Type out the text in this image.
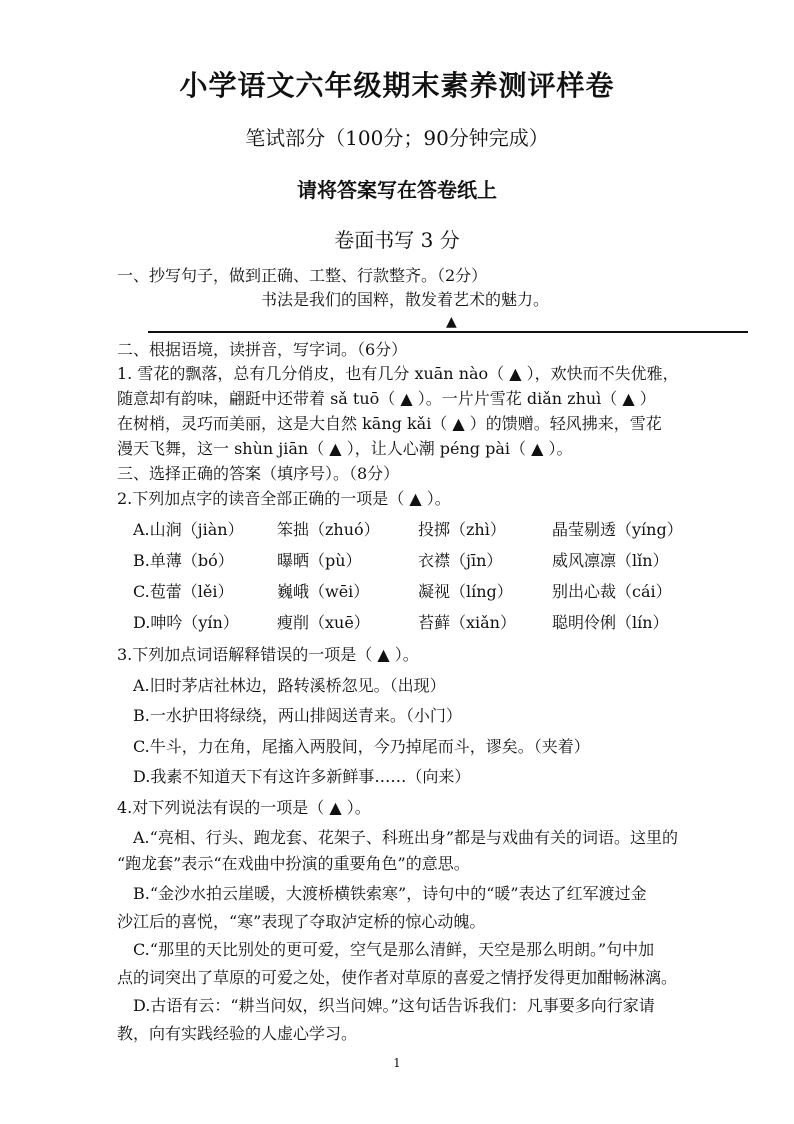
小学语文六年级期末素养测评样卷
笔试部分（100分；90分钟完成）
请将答案写在答卷纸上
卷面书写 3 分
一、抄写句子，做到正确、工整、行款整齐。（2分）
书法是我们的国粹，散发着艺术的魅力。
▲
二、根据语境，读拼音，写字词。（6分）
1. 雪花的飘落，总有几分俏皮，也有几分 xuān nào（ ▲ ），欢快而不失优雅，
随意却有韵味，翩跹中还带着 sǎ tuō（ ▲ ）。一片片雪花 diǎn zhuì（ ▲ ）
在树梢，灵巧而美丽，这是大自然 kāng kǎi（ ▲ ）的馈赠。轻风拂来，雪花
漫天飞舞，这一 shùn jiān（ ▲ ），让人心潮 péng pài（ ▲ ）。
三、选择正确的答案（填序号）。（8分）
2.下列加点字的读音全部正确的一项是（ ▲ ）。
A.山涧（jiàn） 笨拙（zhuó） 投掷（zhì）	晶莹剔透（yíng）
B.单薄（bó）	曝晒（pù）	衣襟（jīn）	威风凛凛（lǐn）
C.苞蕾（lěi）	巍峨（wēi）	凝视（líng） 别出心裁（cái）
D.呻吟（yín） 瘦削（xuē）	苔藓（xiǎn） 聪明伶俐（lín）
3.下列加点词语解释错误的一项是（ ▲ ）。
A.旧时茅店社林边，路转溪桥忽见。（出现）
B.一水护田将绿绕，两山排闼送青来。（小门）
C.牛斗，力在角，尾搐入两股间，今乃掉尾而斗，谬矣。（夹着）
D.我素不知道天下有这许多新鲜事……（向来）
4.对下列说法有误的一项是（ ▲ ）。
A.“亮相、行头、跑龙套、花架子、科班出身”都是与戏曲有关的词语。这里的
“跑龙套”表示“在戏曲中扮演的重要角色”的意思。
B.“金沙水拍云崖暖，大渡桥横铁索寒”，诗句中的“暖”表达了红军渡过金
沙江后的喜悦，“寒”表现了夺取泸定桥的惊心动魄。
C.“那里的天比别处的更可爱，空气是那么清鲜，天空是那么明朗。”句中加
点的词突出了草原的可爱之处，使作者对草原的喜爱之情抒发得更加酣畅淋漓。
D.古语有云：“耕当问奴，织当问婢。”这句话告诉我们：凡事要多向行家请
教，向有实践经验的人虚心学习。
1
